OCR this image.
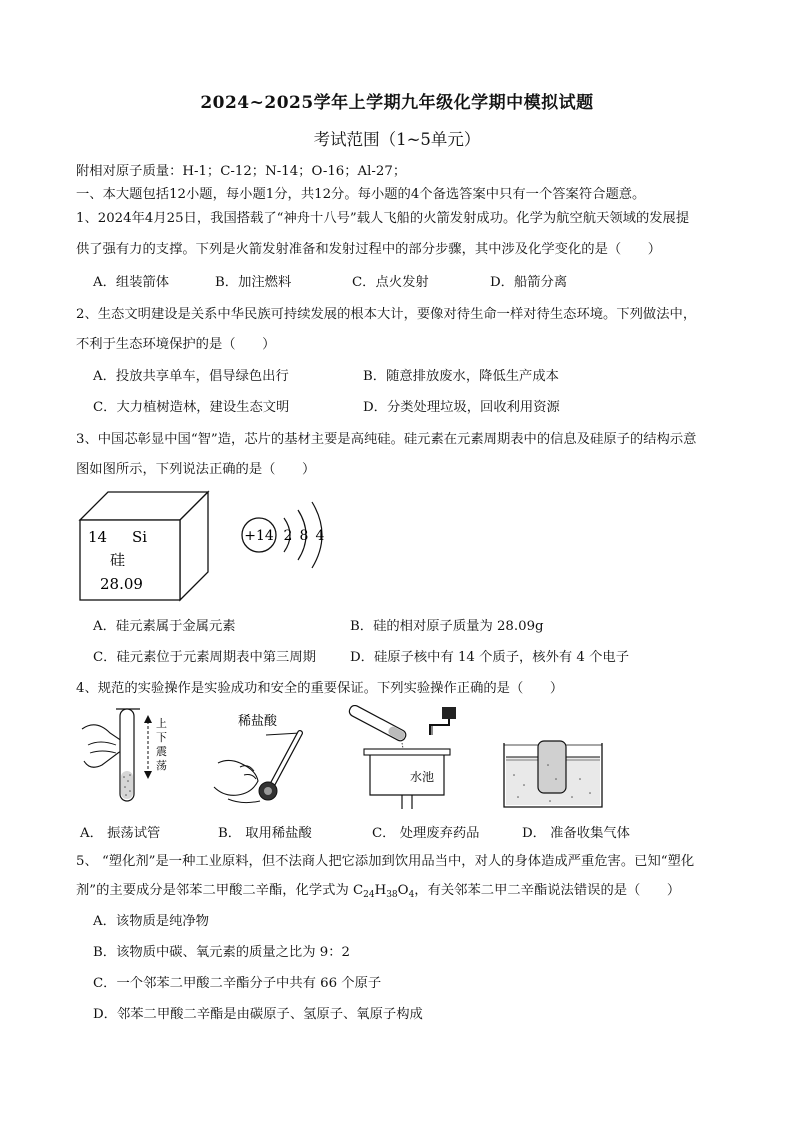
2024~2025学年上学期九年级化学期中模拟试题
考试范围（1~5单元）
附相对原子质量：H-1；C-12；N-14；O-16；Al-27；
一、本大题包括12小题，每小题1分，共12分。每小题的4个备选答案中只有一个答案符合题意。
1、2024年4月25日，我国搭载了“神舟十八号”载人飞船的火箭发射成功。化学为航空航天领域的发展提
供了强有力的支撑。下列是火箭发射准备和发射过程中的部分步骤，其中涉及化学变化的是（　　）
A．组装箭体	B．加注燃料	C．点火发射	D．船箭分离
2、生态文明建设是关系中华民族可持续发展的根本大计，要像对待生命一样对待生态环境。下列做法中，
不利于生态环境保护的是（　　）
A．投放共享单车，倡导绿色出行	B．随意排放废水，降低生产成本
C．大力植树造林，建设生态文明	D．分类处理垃圾，回收利用资源
3、中国芯彰显中国“智”造，芯片的基材主要是高纯硅。硅元素在元素周期表中的信息及硅原子的结构示意
图如图所示，下列说法正确的是（　　）
14 Si
硅
28.09
+14 2 8 4
A．硅元素属于金属元素	B．硅的相对原子质量为 28.09g
C．硅元素位于元素周期表中第三周期	D．硅原子核中有 14 个质子，核外有 4 个电子
4、规范的实验操作是实验成功和安全的重要保证。下列实验操作正确的是（　　）
上
下
震
荡
稀盐酸
水池
A． 振荡试管	B． 取用稀盐酸	C． 处理废弃药品	D． 准备收集气体
5、 “塑化剂”是一种工业原料，但不法商人把它添加到饮用品当中，对人的身体造成严重危害。已知“塑化
剂”的主要成分是邻苯二甲酸二辛酯，化学式为 $C_{24}H_{38}O_4$，有关邻苯二甲二辛酯说法错误的是（　　）
A．该物质是纯净物
B．该物质中碳、氧元素的质量之比为 9：2
C．一个邻苯二甲酸二辛酯分子中共有 66 个原子
D．邻苯二甲酸二辛酯是由碳原子、氢原子、氧原子构成
